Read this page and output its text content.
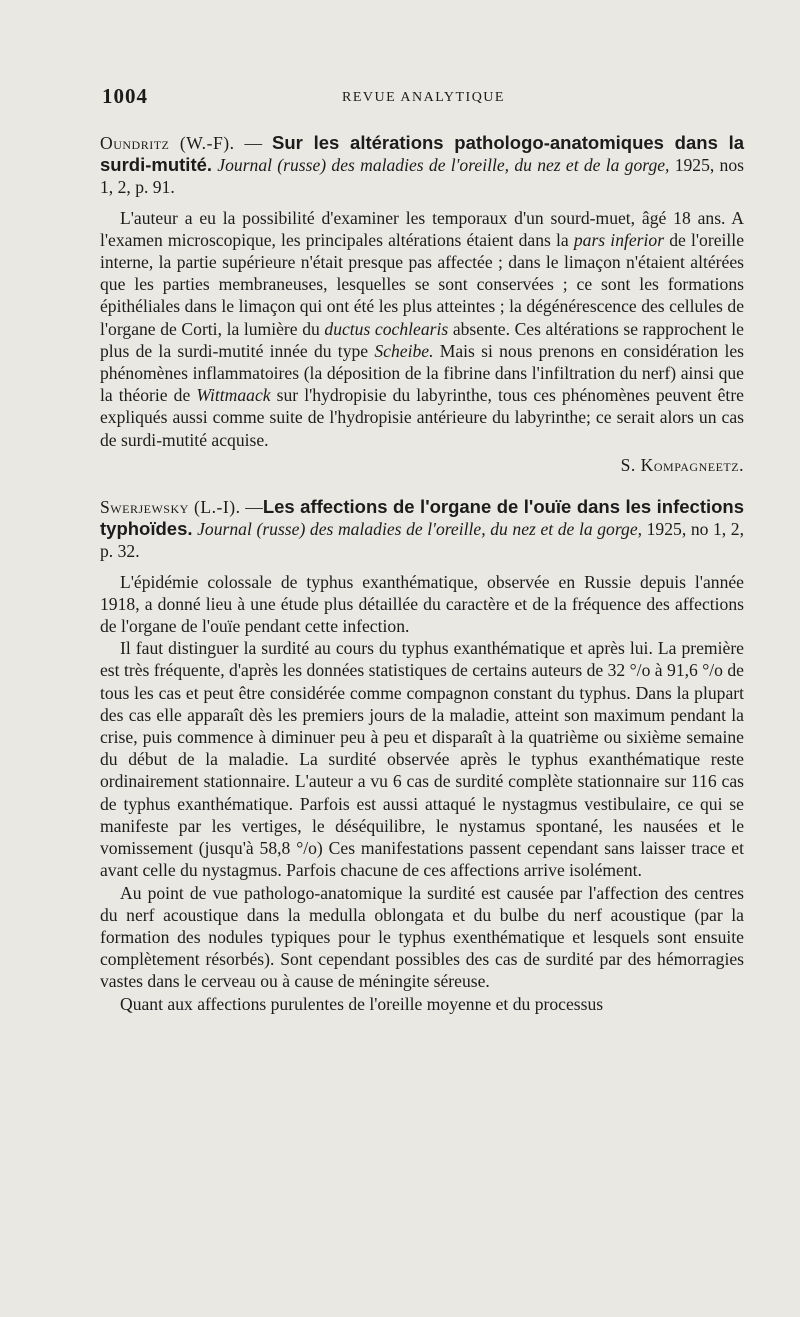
1004	REVUE ANALYTIQUE

Oundritz (W.-F). — Sur les altérations pathologo-anatomiques dans la surdi-mutité. Journal (russe) des maladies de l'oreille, du nez et de la gorge, 1925, nos 1, 2, p. 91.

L'auteur a eu la possibilité d'examiner les temporaux d'un sourd-muet, âgé 18 ans. A l'examen microscopique, les principales altérations étaient dans la pars inferior de l'oreille interne, la partie supérieure n'était presque pas affectée ; dans le limaçon n'étaient altérées que les parties membraneuses, lesquelles se sont conservées ; ce sont les formations épithéliales dans le limaçon qui ont été les plus atteintes ; la dégénérescence des cellules de l'organe de Corti, la lumière du ductus cochlearis absente. Ces altérations se rapprochent le plus de la surdi-mutité innée du type Scheibe. Mais si nous prenons en considération les phénomènes inflammatoires (la déposition de la fibrine dans l'infiltration du nerf) ainsi que la théorie de Wittmaack sur l'hydropisie du labyrinthe, tous ces phénomènes peuvent être expliqués aussi comme suite de l'hydropisie antérieure du labyrinthe; ce serait alors un cas de surdi-mutité acquise.

S. Kompagneetz.

Swerjewsky (L.-I). —Les affections de l'organe de l'ouïe dans les infections typhoïdes. Journal (russe) des maladies de l'oreille, du nez et de la gorge, 1925, no 1, 2, p. 32.

L'épidémie colossale de typhus exanthématique, observée en Russie depuis l'année 1918, a donné lieu à une étude plus détaillée du caractère et de la fréquence des affections de l'organe de l'ouïe pendant cette infection.

Il faut distinguer la surdité au cours du typhus exanthématique et après lui. La première est très fréquente, d'après les données statistiques de certains auteurs de 32 °/o à 91,6 °/o de tous les cas et peut être considérée comme compagnon constant du typhus. Dans la plupart des cas elle apparaît dès les premiers jours de la maladie, atteint son maximum pendant la crise, puis commence à diminuer peu à peu et disparaît à la quatrième ou sixième semaine du début de la maladie. La surdité observée après le typhus exanthématique reste ordinairement stationnaire. L'auteur a vu 6 cas de surdité complète stationnaire sur 116 cas de typhus exanthématique. Parfois est aussi attaqué le nystagmus vestibulaire, ce qui se manifeste par les vertiges, le déséquilibre, le nystamus spontané, les nausées et le vomissement (jusqu'à 58,8 °/o) Ces manifestations passent cependant sans laisser trace et avant celle du nystagmus. Parfois chacune de ces affections arrive isolément.

Au point de vue pathologo-anatomique la surdité est causée par l'affection des centres du nerf acoustique dans la medulla oblongata et du bulbe du nerf acoustique (par la formation des nodules typiques pour le typhus exenthématique et lesquels sont ensuite complètement résorbés). Sont cependant possibles des cas de surdité par des hémorragies vastes dans le cerveau ou à cause de méningite séreuse.

Quant aux affections purulentes de l'oreille moyenne et du processus
